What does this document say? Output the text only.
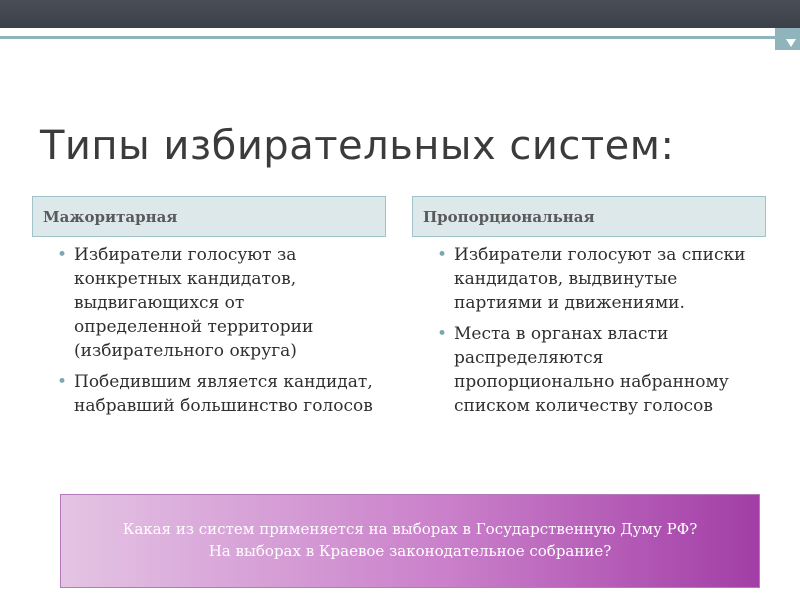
Типы избирательных систем:
Мажоритарная	Пропорциональная
• Избиратели голосуют за конкретных кандидатов, выдвигающихся от определенной территории (избирательного округа)
• Победившим является кандидат, набравший большинство голосов
• Избиратели голосуют за списки кандидатов, выдвинутые партиями и движениями.
• Места в органах власти распределяются пропорционально набранному списком количеству голосов
Какая из систем применяется на выборах в Государственную Думу РФ?
На выборах в Краевое законодательное собрание?
